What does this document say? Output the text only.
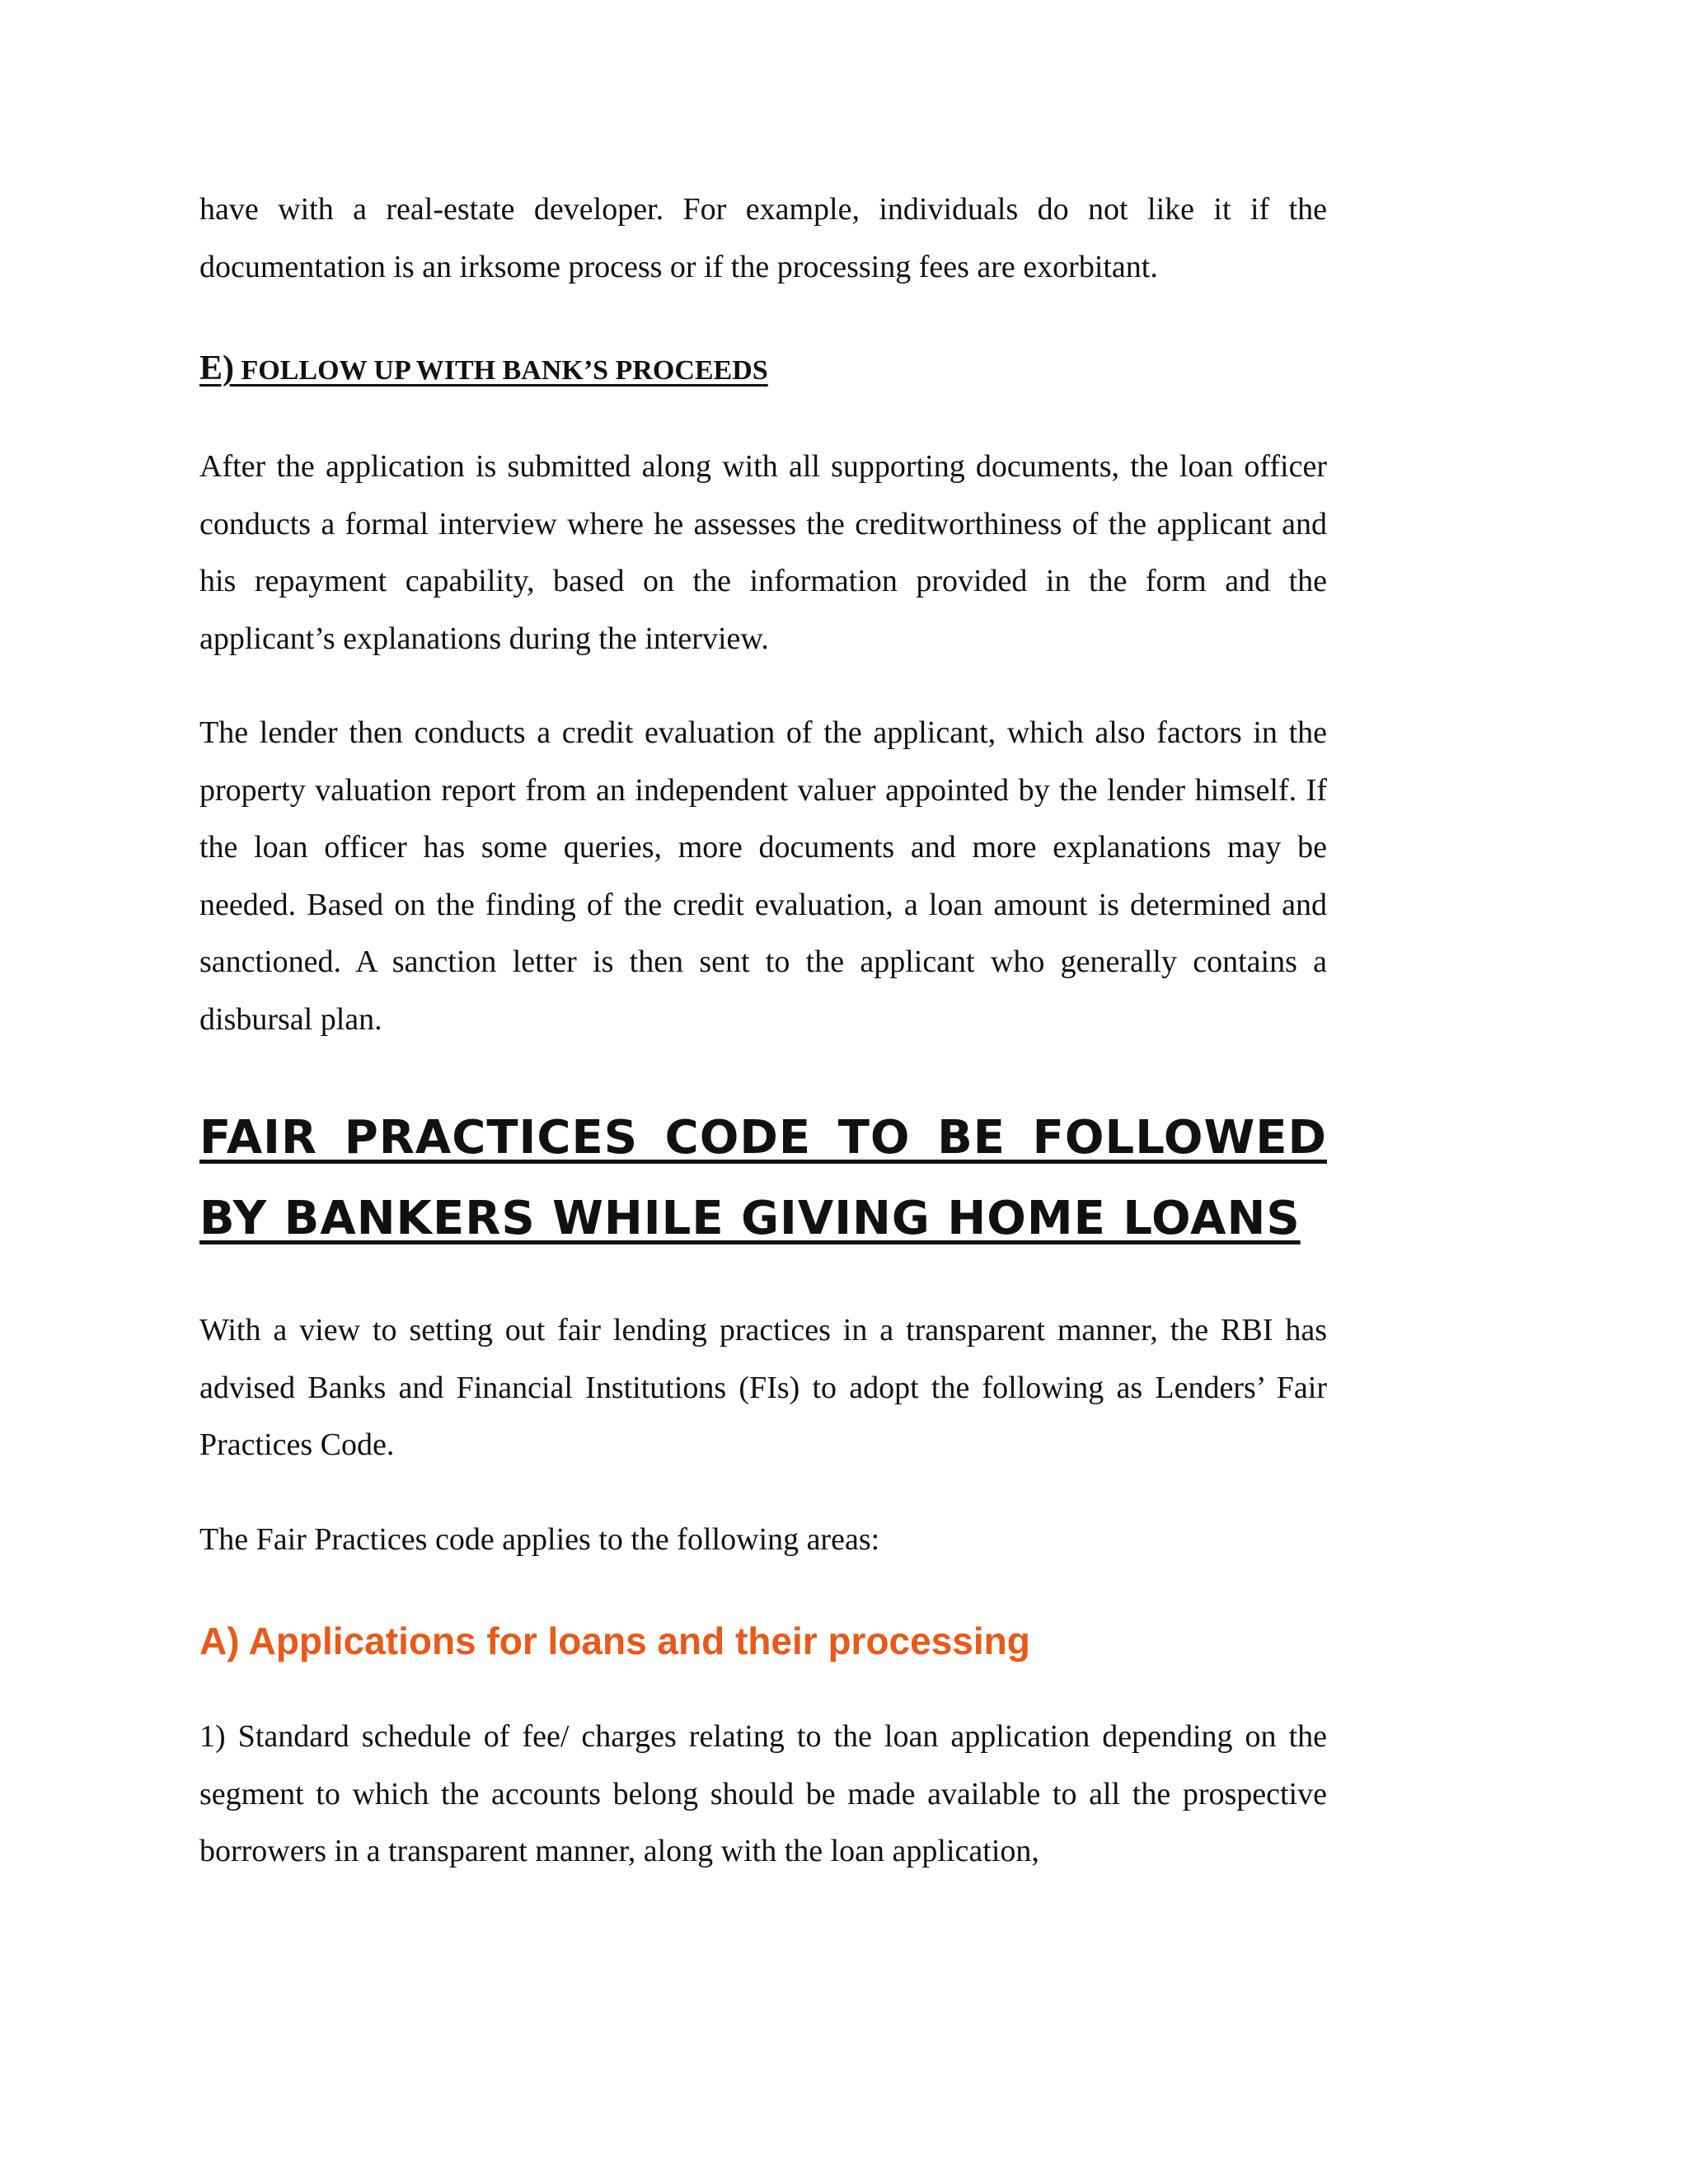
have with a real-estate developer. For example, individuals do not like it if the documentation is an irksome process or if the processing fees are exorbitant.

E) FOLLOW UP WITH BANK’S PROCEEDS

After the application is submitted along with all supporting documents, the loan officer conducts a formal interview where he assesses the creditworthiness of the applicant and his repayment capability, based on the information provided in the form and the applicant’s explanations during the interview.

The lender then conducts a credit evaluation of the applicant, which also factors in the property valuation report from an independent valuer appointed by the lender himself. If the loan officer has some queries, more documents and more explanations may be needed. Based on the finding of the credit evaluation, a loan amount is determined and sanctioned. A sanction letter is then sent to the applicant who generally contains a disbursal plan.

FAIR PRACTICES CODE TO BE FOLLOWED BY BANKERS WHILE GIVING HOME LOANS

With a view to setting out fair lending practices in a transparent manner, the RBI has advised Banks and Financial Institutions (FIs) to adopt the following as Lenders’ Fair Practices Code.

The Fair Practices code applies to the following areas:

A) Applications for loans and their processing

1) Standard schedule of fee/ charges relating to the loan application depending on the segment to which the accounts belong should be made available to all the prospective borrowers in a transparent manner, along with the loan application,
